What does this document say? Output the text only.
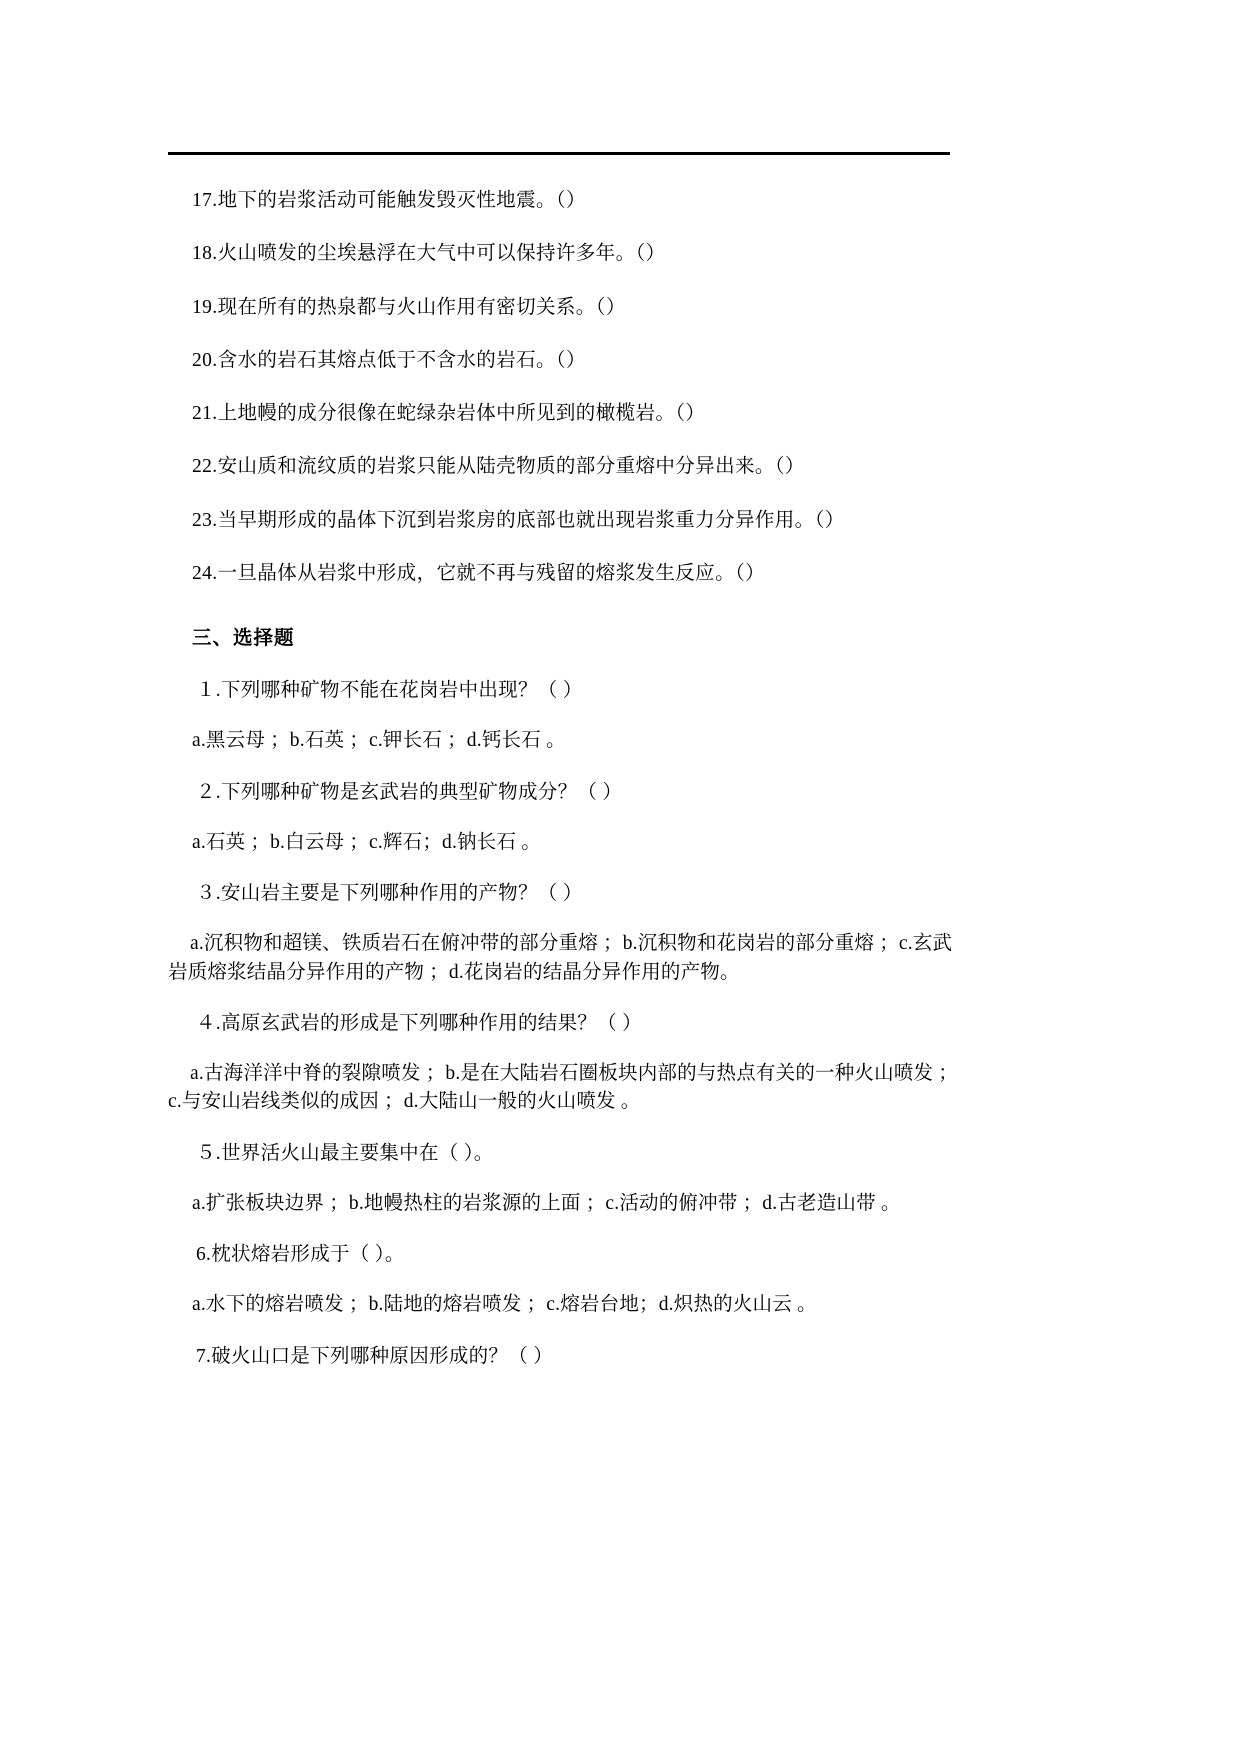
17.地下的岩浆活动可能触发毁灭性地震。（）

18.火山喷发的尘埃悬浮在大气中可以保持许多年。（）

19.现在所有的热泉都与火山作用有密切关系。（）

20.含水的岩石其熔点低于不含水的岩石。（）

21.上地幔的成分很像在蛇绿杂岩体中所见到的橄榄岩。（）

22.安山质和流纹质的岩浆只能从陆壳物质的部分重熔中分异出来。（）

23.当早期形成的晶体下沉到岩浆房的底部也就出现岩浆重力分异作用。（）

24.一旦晶体从岩浆中形成，它就不再与残留的熔浆发生反应。（）

三、选择题

１.下列哪种矿物不能在花岗岩中出现？（ ）

a.黑云母 ；b.石英 ；c.钾长石 ；d.钙长石 。

２.下列哪种矿物是玄武岩的典型矿物成分？（ ）

a.石英 ；b.白云母 ；c.辉石；d.钠长石 。

３.安山岩主要是下列哪种作用的产物？（ ）

a.沉积物和超镁、铁质岩石在俯冲带的部分重熔 ；b.沉积物和花岗岩的部分重熔 ；c.玄武岩质熔浆结晶分异作用的产物 ；d.花岗岩的结晶分异作用的产物。

４.高原玄武岩的形成是下列哪种作用的结果？（ ）

a.古海洋洋中脊的裂隙喷发 ；b.是在大陆岩石圈板块内部的与热点有关的一种火山喷发 ；c.与安山岩线类似的成因 ；d.大陆山一般的火山喷发 。

５.世界活火山最主要集中在（ ）。

a.扩张板块边界 ；b.地幔热柱的岩浆源的上面 ；c.活动的俯冲带 ；d.古老造山带 。

6.枕状熔岩形成于（ ）。

a.水下的熔岩喷发 ；b.陆地的熔岩喷发 ；c.熔岩台地；d.炽热的火山云 。

7.破火山口是下列哪种原因形成的？（ ）
